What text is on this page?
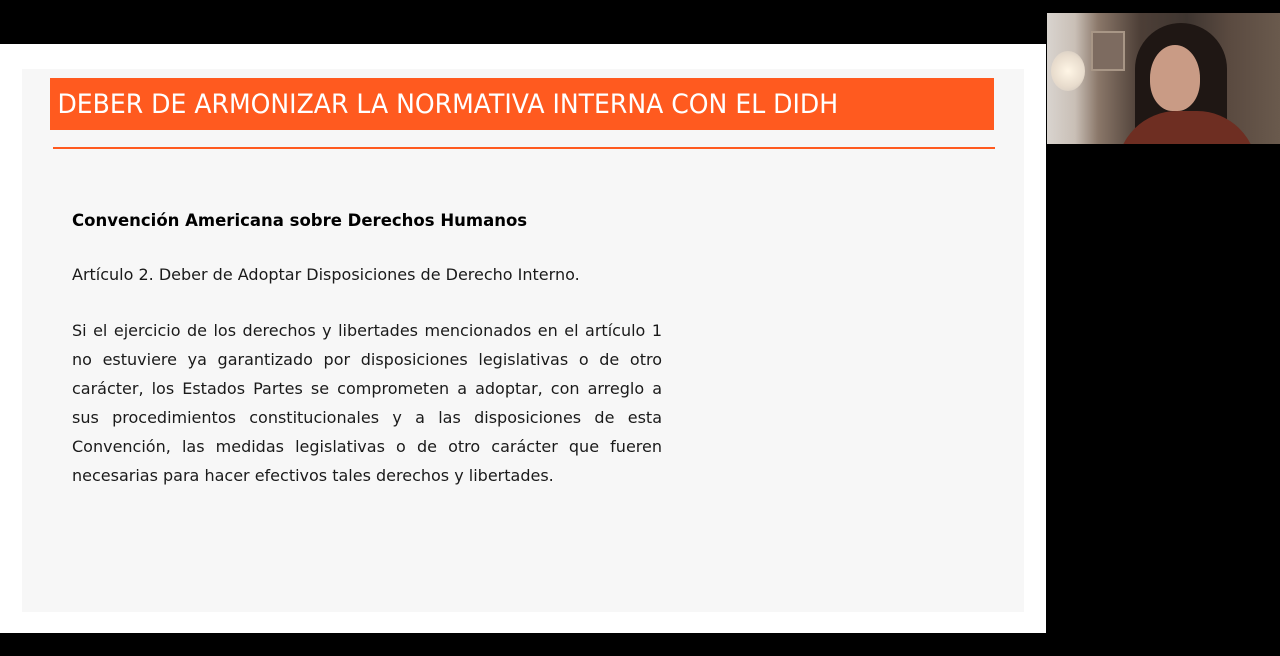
DEBER DE ARMONIZAR LA NORMATIVA INTERNA CON EL DIDH

Convención Americana sobre Derechos Humanos

Artículo 2. Deber de Adoptar Disposiciones de Derecho Interno.

Si el ejercicio de los derechos y libertades mencionados en el artículo 1 no estuviere ya garantizado por disposiciones legislativas o de otro carácter, los Estados Partes se comprometen a adoptar, con arreglo a sus procedimientos constitucionales y a las disposiciones de esta Convención, las medidas legislativas o de otro carácter que fueren necesarias para hacer efectivos tales derechos y libertades.
